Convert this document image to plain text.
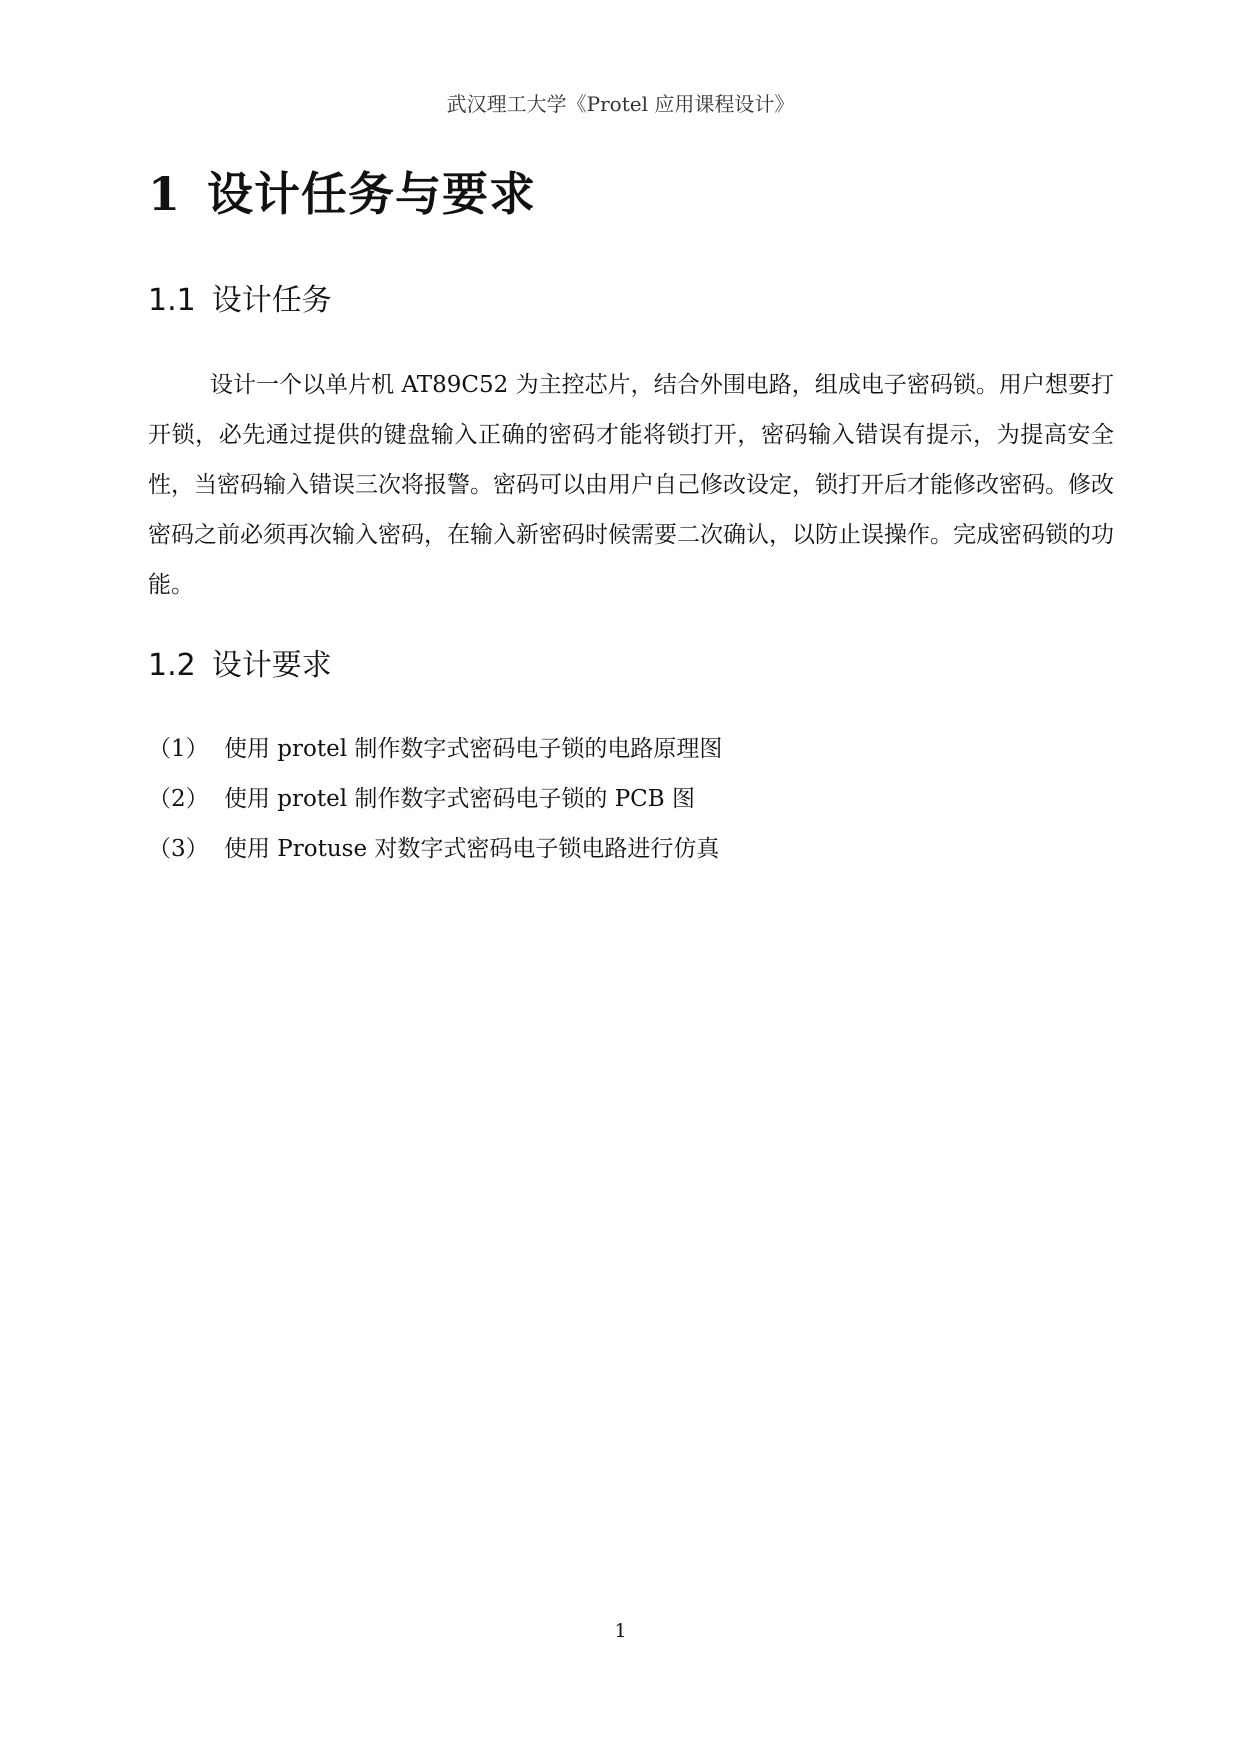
武汉理工大学《Protel 应用课程设计》
1 设计任务与要求
1.1 设计任务

设计一个以单片机 AT89C52 为主控芯片，结合外围电路，组成电子密码锁。用户想要打开锁，必先通过提供的键盘输入正确的密码才能将锁打开，密码输入错误有提示，为提高安全性，当密码输入错误三次将报警。密码可以由用户自己修改设定，锁打开后才能修改密码。修改密码之前必须再次输入密码，在输入新密码时候需要二次确认，以防止误操作。完成密码锁的功能。

1.2 设计要求
（1） 使用 protel 制作数字式密码电子锁的电路原理图
（2） 使用 protel 制作数字式密码电子锁的 PCB 图
（3） 使用 Protuse 对数字式密码电子锁电路进行仿真
1
